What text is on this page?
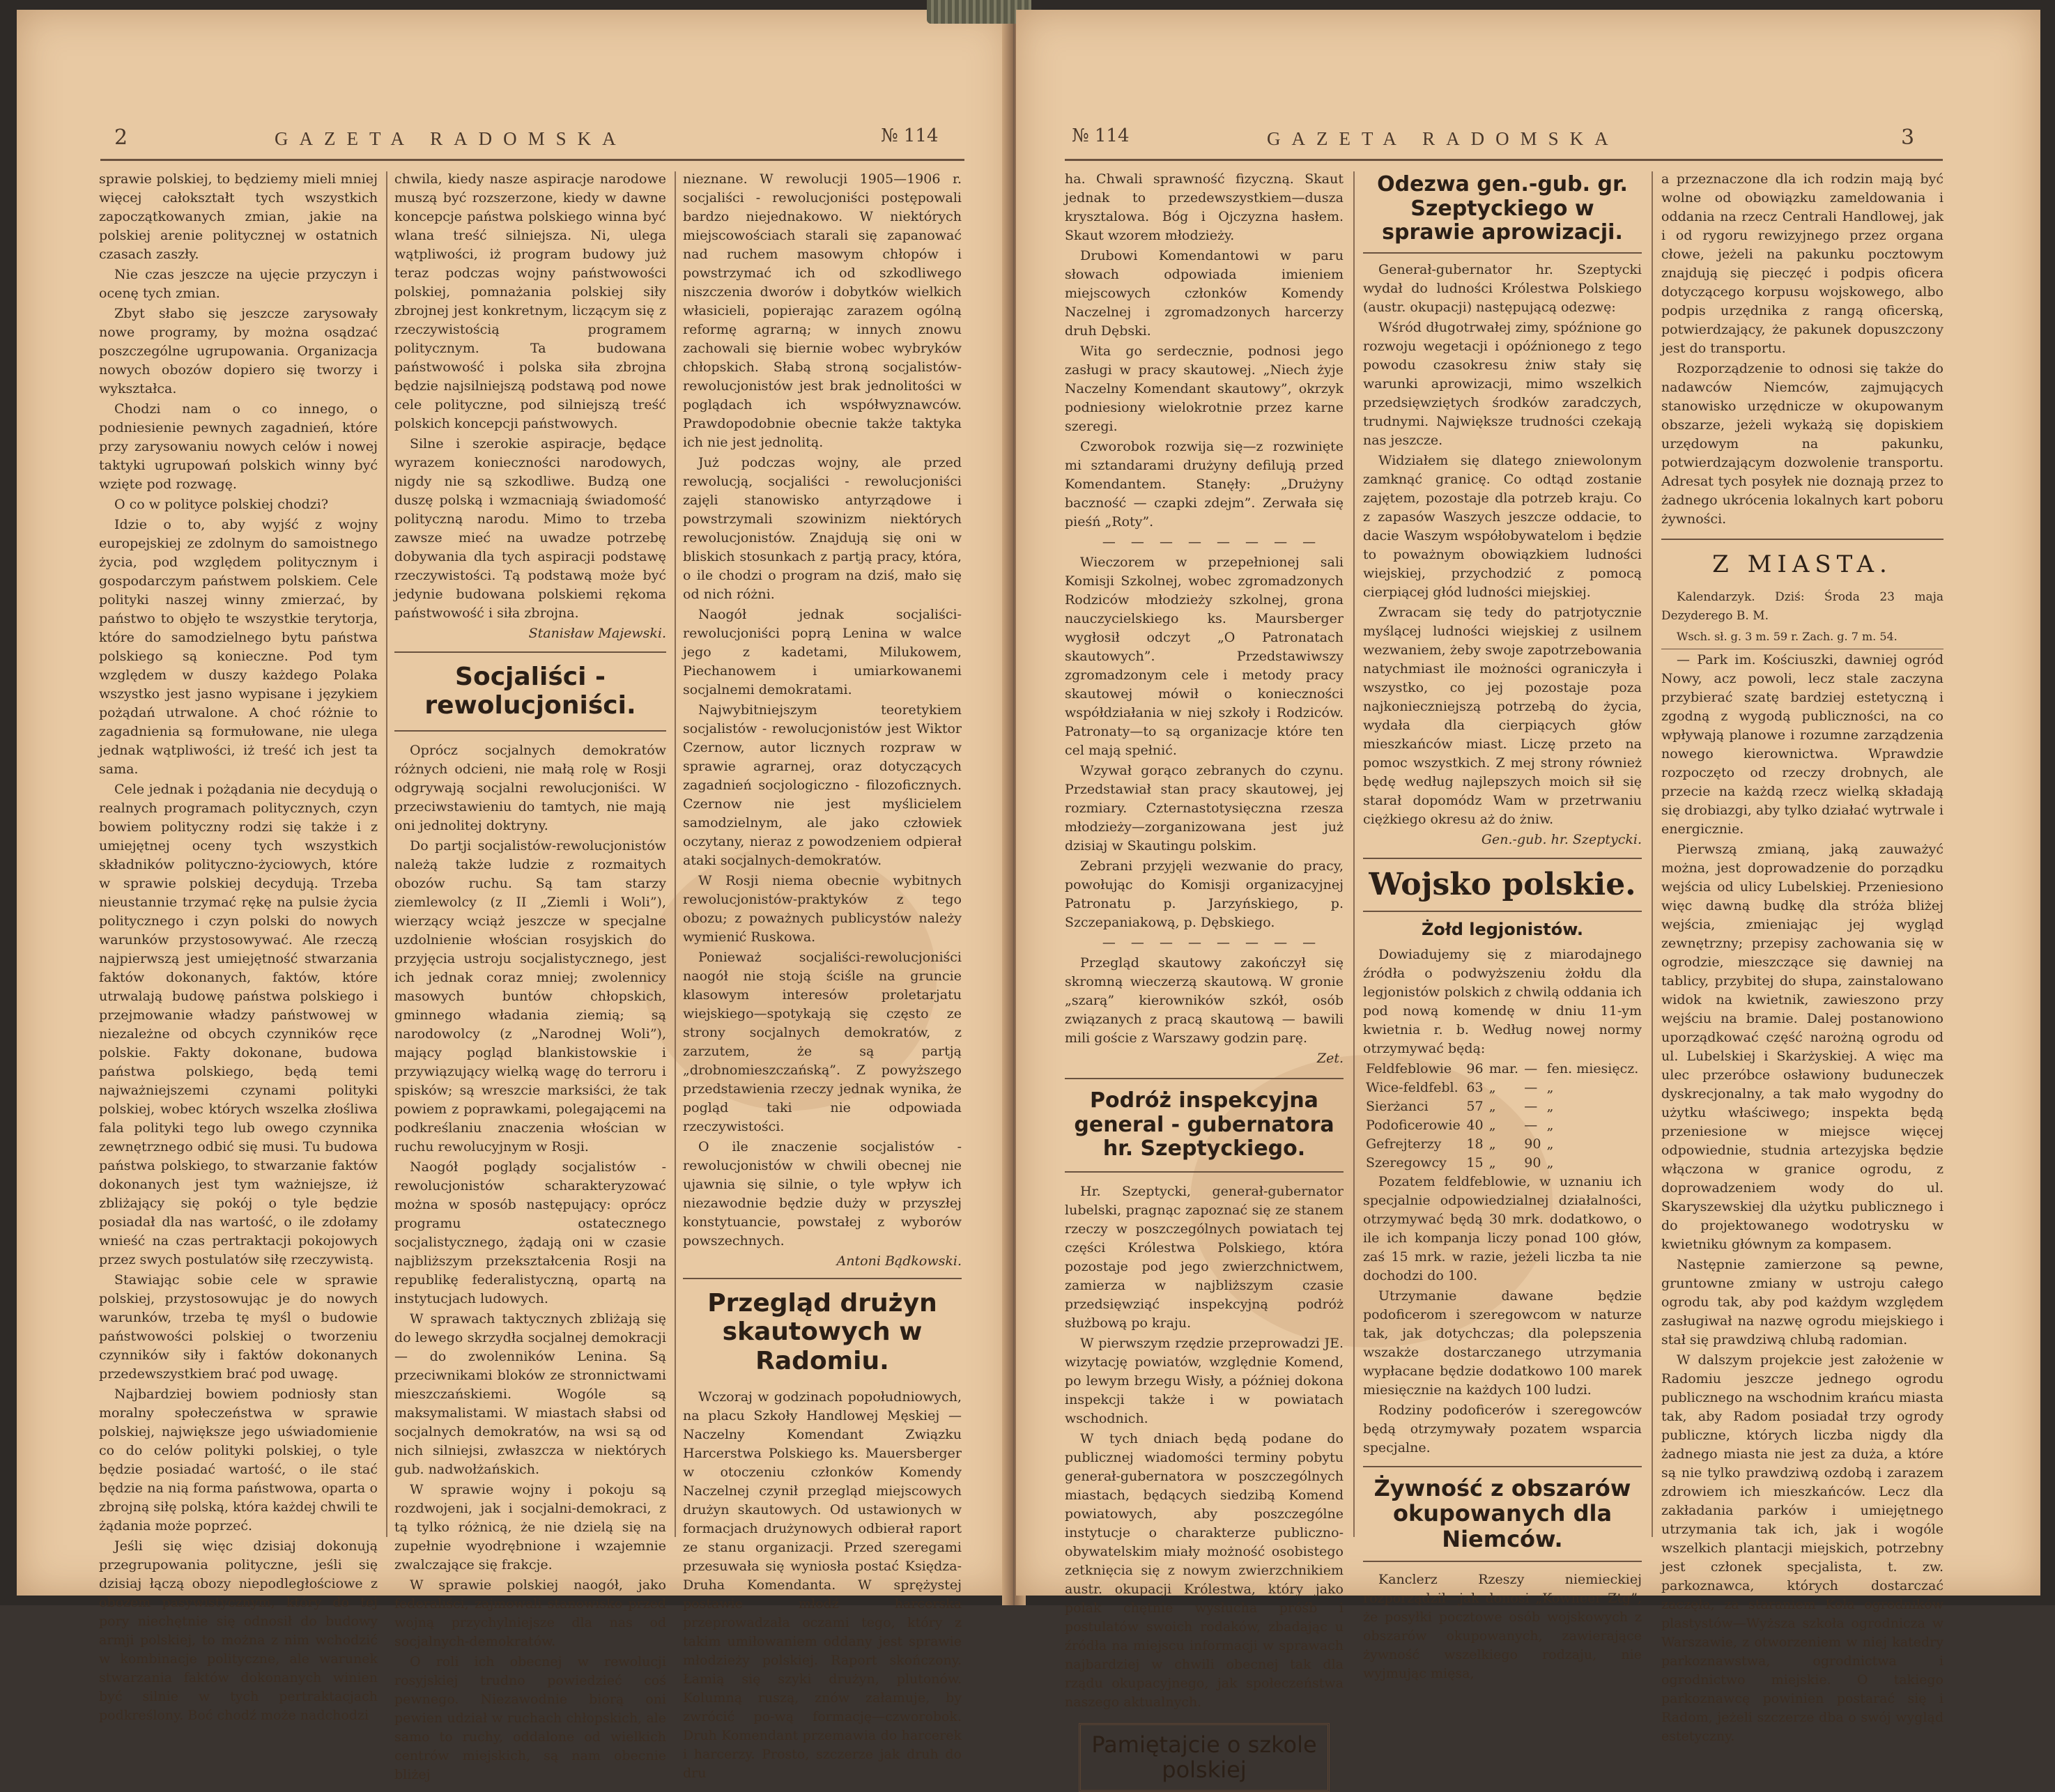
2	GAZETA RADOMSKA	№ 114

sprawie polskiej, to będziemy mieli mniej więcej całokształt tych wszystkich zapoczątkowanych zmian, jakie na polskiej arenie politycznej w ostatnich czasach zaszły.

Nie czas jeszcze na ujęcie przyczyn i ocenę tych zmian.

Zbyt słabo się jeszcze zarysowały nowe programy, by można osądzać poszczególne ugrupowania. Organizacja nowych obozów dopiero się tworzy i wykształca.

Chodzi nam o co innego, o podniesienie pewnych zagadnień, które przy zarysowaniu nowych celów i nowej taktyki ugrupowań polskich winny być wzięte pod rozwagę.

O co w polityce polskiej chodzi?

Idzie o to, aby wyjść z wojny europejskiej ze zdolnym do samoistnego życia, pod względem politycznym i gospodarczym państwem polskiem. Cele polityki naszej winny zmierzać, by państwo to objęło te wszystkie terytorja, które do samodzielnego bytu państwa polskiego są konieczne. Pod tym względem w duszy każdego Polaka wszystko jest jasno wypisane i językiem pożądań utrwalone. A choć różnie to zagadnienia są formułowane, nie ulega jednak wątpliwości, iż treść ich jest ta sama.

Cele jednak i pożądania nie decydują o realnych programach politycznych, czyn bowiem polityczny rodzi się także i z umiejętnej oceny tych wszystkich składników polityczno-życiowych, które w sprawie polskiej decydują. Trzeba nieustannie trzymać rękę na pulsie życia politycznego i czyn polski do nowych warunków przystosowywać. Ale rzeczą najpierwszą jest umiejętność stwarzania faktów dokonanych, faktów, które utrwalają budowę państwa polskiego i przejmowanie władzy państwowej w niezależne od obcych czynników ręce polskie. Fakty dokonane, budowa państwa polskiego, będą temi najważniejszemi czynami polityki polskiej, wobec których wszelka złośliwa fala polityki tego lub owego czynnika zewnętrznego odbić się musi. Tu budowa państwa polskiego, to stwarzanie faktów dokonanych jest tym ważniejsze, iż zbliżający się pokój o tyle będzie posiadał dla nas wartość, o ile zdołamy wnieść na czas pertraktacji pokojowych przez swych postulatów siłę rzeczywistą.

Stawiając sobie cele w sprawie polskiej, przystosowując je do nowych warunków, trzeba tę myśl o budowie państwowości polskiej o tworzeniu czynników siły i faktów dokonanych przedewszystkiem brać pod uwagę.

Najbardziej bowiem podniosły stan moralny społeczeństwa w sprawie polskiej, największe jego uświadomienie co do celów polityki polskiej, o tyle będzie posiadać wartość, o ile stać będzie na nią forma państwowa, oparta o zbrojną siłę polską, która każdej chwili te żądania może poprzeć.

Jeśli się więc dzisiaj dokonują przegrupowania polityczne, jeśli się dzisiaj łączą obozy niepodległościowe z obozem pasywistycznym, który do tej pory niechętnie się odnosił do budowy armji polskiej, to można z nim wchodzić w kombinacje polityczne, ale warunek stwarzania faktów dokonanych winien być silnie w tych pertraktacjach podkreślony. Boć chodź może nadchodzi

chwila, kiedy nasze aspiracje narodowe muszą być rozszerzone, kiedy w dawne koncepcje państwa polskiego winna być wlana treść silniejsza. Ni, ulega wątpliwości, iż program budowy już teraz podczas wojny państwowości polskiej, pomnażania polskiej siły zbrojnej jest konkretnym, liczącym się z rzeczywistością programem politycznym. Ta budowana państwowość i polska siła zbrojna będzie najsilniejszą podstawą pod nowe cele polityczne, pod silniejszą treść polskich koncepcji państwowych.

Silne i szerokie aspiracje, będące wyrazem konieczności narodowych, nigdy nie są szkodliwe. Budzą one duszę polską i wzmacniają świadomość polityczną narodu. Mimo to trzeba zawsze mieć na uwadze potrzebę dobywania dla tych aspiracji podstawę rzeczywistości. Tą podstawą może być jedynie budowana polskiemi rękoma państwowość i siła zbrojna.

Stanisław Majewski.

Socjaliści - rewolucjoniści.

Oprócz socjalnych demokratów różnych odcieni, nie małą rolę w Rosji odgrywają socjalni rewolucjoniści. W przeciwstawieniu do tamtych, nie mają oni jednolitej doktryny.

Do partji socjalistów-rewolucjonistów należą także ludzie z rozmaitych obozów ruchu. Są tam starzy ziemlewolcy (z II „Ziemli i Woli”), wierzący wciąż jeszcze w specjalne uzdolnienie włościan rosyjskich do przyjęcia ustroju socjalistycznego, jest ich jednak coraz mniej; zwolennicy masowych buntów chłopskich, gminnego władania ziemią; są narodowolcy (z „Narodnej Woli”), mający pogląd blankistowskie i przywiązujący wielką wagę do terroru i spisków; są wreszcie marksiści, że tak powiem z poprawkami, polegającemi na podkreślaniu znaczenia włościan w ruchu rewolucyjnym w Rosji.

Naogół poglądy socjalistów - rewolucjonistów scharakteryzować można w sposób następujący: oprócz programu ostatecznego socjalistycznego, żądają oni w czasie najbliższym przekształcenia Rosji na republikę federalistyczną, opartą na instytucjach ludowych.

W sprawach taktycznych zbliżają się do lewego skrzydła socjalnej demokracji — do zwolenników Lenina. Są przeciwnikami bloków ze stronnictwami mieszczańskiemi. Wogóle są maksymalistami. W miastach słabsi od socjalnych demokratów, na wsi są od nich silniejsi, zwłaszcza w niektórych gub. nadwołżańskich.

W sprawie wojny i pokoju są rozdwojeni, jak i socjalni-demokraci, z tą tylko różnicą, że nie dzielą się na zupełnie wyodrębnione i wzajemnie zwalczające się frakcje.

W sprawie polskiej naogół, jako federaliści, zajmowali stanowisko przed wojną przychylniejsze dla nas od socjalnych-demokratów.

O roli ich obecnej w rewolucji rosyjskiej trudno powiedzieć coś pewnego. Niezawodnie biorą oni pewien udział w ruchach chłopskich, ale samo to ruchy, oddalone od wielkich centrów miejskich, są nam obecnie bliżej

nieznane. W rewolucji 1905—1906 r. socjaliści - rewolucjoniści postępowali bardzo niejednakowo. W niektórych miejscowościach starali się zapanować nad ruchem masowym chłopów i powstrzymać ich od szkodliwego niszczenia dworów i dobytków wielkich własicieli, popierając zarazem ogólną reformę agrarną; w innych znowu zachowali się biernie wobec wybryków chłopskich. Słabą stroną socjalistów-rewolucjonistów jest brak jednolitości w poglądach ich współwyznawców. Prawdopodobnie obecnie także taktyka ich nie jest jednolitą.

Już podczas wojny, ale przed rewolucją, socjaliści - rewolucjoniści zajęli stanowisko antyrządowe i powstrzymali szowinizm niektórych rewolucjonistów. Znajdują się oni w bliskich stosunkach z partją pracy, która, o ile chodzi o program na dziś, mało się od nich różni.

Naogół jednak socjaliści-rewolucjoniści poprą Lenina w walce jego z kadetami, Milukowem, Piechanowem i umiarkowanemi socjalnemi demokratami.

Najwybitniejszym teoretykiem socjalistów - rewolucjonistów jest Wiktor Czernow, autor licznych rozpraw w sprawie agrarnej, oraz dotyczących zagadnień socjologiczno - filozoficznych. Czernow nie jest myślicielem samodzielnym, ale jako człowiek oczytany, nieraz z powodzeniem odpierał ataki socjalnych-demokratów.

W Rosji niema obecnie wybitnych rewolucjonistów-praktyków z tego obozu; z poważnych publicystów należy wymienić Ruskowa.

Ponieważ socjaliści-rewolucjoniści naogół nie stoją ściśle na gruncie klasowym interesów proletarjatu wiejskiego—spotykają się często ze strony socjalnych demokratów, z zarzutem, że są partją „drobnomieszczańską”. Z powyższego przedstawienia rzeczy jednak wynika, że pogląd taki nie odpowiada rzeczywistości.

O ile znaczenie socjalistów - rewolucjonistów w chwili obecnej nie ujawnia się silnie, o tyle wpływ ich niezawodnie będzie duży w przyszłej konstytuancie, powstałej z wyborów powszechnych.

Antoni Bądkowski.

Przegląd drużyn skautowych w Radomiu.

Wczoraj w godzinach popołudniowych, na placu Szkoły Handlowej Męskiej — Naczelny Komendant Związku Harcerstwa Polskiego ks. Mauersberger w otoczeniu członków Komendy Naczelnej czynił przegląd miejscowych drużyn skautowych. Od ustawionych w formacjach drużynowych odbierał raport ze stanu organizacji. Przed szeregami przesuwała się wyniosła postać Księdza-Druha Komendanta. W sprężystej postawie młodź harcerska przeprowadzała oczami tego, który z takim umiłowaniem oddany jest sprawie młodzieży polskiej. Raport skończony. Łamią się szyki drużyn, plutonów. Kolumną ruszą, znów załamuje, by zwrócić po-wą formację—czworobok. Druh Komendant przemawia do harcerek i harcerzy. Prosto, szczerze jak druh do dru

№ 114	GAZETA RADOMSKA	3

ha. Chwali sprawność fizyczną. Skaut jednak to przedewszystkiem—dusza krysztalowa. Bóg i Ojczyzna hasłem. Skaut wzorem młodzieży.

Drubowi Komendantowi w paru słowach odpowiada imieniem miejscowych członków Komendy Naczelnej i zgromadzonych harcerzy druh Dębski.

Wita go serdecznie, podnosi jego zasługi w pracy skautowej. „Niech żyje Naczelny Komendant skautowy”, okrzyk podniesiony wielokrotnie przez karne szeregi.

Czworobok rozwija się—z rozwinięte mi sztandarami drużyny defilują przed Komendantem. Stanęły: „Drużyny baczność — czapki zdejm”. Zerwała się pieśń „Roty”.

— — — — — — — —

Wieczorem w przepełnionej sali Komisji Szkolnej, wobec zgromadzonych Rodziców młodzieży szkolnej, grona nauczycielskiego ks. Maursberger wygłosił odczyt „O Patronatach skautowych”. Przedstawiwszy zgromadzonym cele i metody pracy skautowej mówił o konieczności współdziałania w niej szkoły i Rodziców. Patronaty—to są organizacje które ten cel mają spełnić.

Wzywał gorąco zebranych do czynu. Przedstawiał stan pracy skautowej, jej rozmiary. Czternastotysięczna rzesza młodzieży—zorganizowana jest już dzisiaj w Skautingu polskim.

Zebrani przyjęli wezwanie do pracy, powołując do Komisji organizacyjnej Patronatu p. Jarzyńskiego, p. Szczepaniakową, p. Dębskiego.

— — — — — — — —

Przegląd skautowy zakończył się skromną wieczerzą skautową. W gronie „szarą” kierowników szkół, osób związanych z pracą skautową — bawili mili goście z Warszawy godzin parę.

Zet.

Podróż inspekcyjna general - gubernatora hr. Szeptyckiego.

Hr. Szeptycki, generał-gubernator lubelski, pragnąc zapoznać się ze stanem rzeczy w poszczególnych powiatach tej części Królestwa Polskiego, która pozostaje pod jego zwierzchnictwem, zamierza w najbliższym czasie przedsięwziąć inspekcyjną podróż służbową po kraju.

W pierwszym rzędzie przeprowadzi JE. wizytację powiatów, względnie Komend, po lewym brzegu Wisły, a później dokona inspekcji także i w powiatach wschodnich.

W tych dniach będą podane do publicznej wiadomości terminy pobytu generał-gubernatora w poszczególnych miastach, będących siedzibą Komend powiatowych, aby poszczególne instytucje o charakterze publiczno-obywatelskim miały możność osobistego zetknięcia się z nowym zwierzchnikiem austr. okupacji Królestwa, który jako polak chętnie wysłucha próśb i postulatów swoich rodaków, zbadając u źródła na miejscu informacji w sprawach najbardziej w chwili obecnej tak dla rządu okupacyjnego, jak społeczeństwa naszego aktualnych.

Pamiętajcie o szkole polskiej
Odezwa gen.-gub. gr. Szeptyckiego w sprawie aprowizacji.

Generał-gubernator hr. Szeptycki wydał do ludności Królestwa Polskiego (austr. okupacji) następującą odezwę:

Wśród długotrwałej zimy, spóźnione go rozwoju wegetacji i opóźnionego z tego powodu czasokresu żniw stały się warunki aprowizacji, mimo wszelkich przedsięwziętych środków zaradczych, trudnymi. Największe trudności czekają nas jeszcze.

Widziałem się dlatego zniewolonym zamknąć granicę. Co odtąd zostanie zajętem, pozostaje dla potrzeb kraju. Co z zapasów Waszych jeszcze oddacie, to dacie Waszym współobywatelom i będzie to poważnym obowiązkiem ludności wiejskiej, przychodzić z pomocą cierpiącej głód ludności miejskiej.

Zwracam się tedy do patrjotycznie myślącej ludności wiejskiej z usilnem wezwaniem, żeby swoje zapotrzebowania natychmiast ile możności ograniczyła i wszystko, co jej pozostaje poza najkonieczniejszą potrzebą do życia, wydała dla cierpiących głów mieszkańców miast. Liczę przeto na pomoc wszystkich. Z mej strony również będę według najlepszych moich sił się starał dopomódz Wam w przetrwaniu ciężkiego okresu aż do żniw.

Gen.-gub. hr. Szeptycki.

Wojsko polskie.
Żołd legjonistów.

Dowiadujemy się z miarodajnego źródła o podwyższeniu żołdu dla legjonistów polskich z chwilą oddania ich pod nową komendę w dniu 11-ym kwietnia r. b. Według nowej normy otrzymywać będą:

Feldfeblowie	96	mar.	—	fen. miesięcz.
Wice-feldfebl.	63	„	—	„
Sierżanci	57	„	—	„
Podoficerowie	40	„	—	„
Gefrejterzy	18	„	90	„
Szeregowcy	15	„	90	„

Pozatem feldfeblowie, w uznaniu ich specjalnie odpowiedzialnej działalności, otrzymywać będą 30 mrk. dodatkowo, o ile ich kompanja liczy ponad 100 głów, zaś 15 mrk. w razie, jeżeli liczba ta nie dochodzi do 100.

Utrzymanie dawane będzie podoficerom i szeregowcom w naturze tak, jak dotychczas; dla polepszenia wszakże dostarczanego utrzymania wypłacane będzie dodatkowo 100 marek miesięcznie na każdych 100 ludzi.

Rodziny podoficerów i szeregowców będą otrzymywały pozatem wsparcia specjalne.

Żywność z obszarów okupowanych dla Niemców.

Kanclerz Rzeszy niemieckiej rozporządził—jak donosi „Kowneer Ztg”, że posyłki pocztowe osób wojskowych z obszarów okupowanych, zawierające żywność wszelkiego rodzaju, nie wyjmując mięsa,

a przeznaczone dla ich rodzin mają być wolne od obowiązku zameldowania i oddania na rzecz Centrali Handlowej, jak i od rygoru rewizyjnego przez organa cłowe, jeżeli na pakunku pocztowym znajdują się pieczęć i podpis oficera dotyczącego korpusu wojskowego, albo podpis urzędnika z rangą oficerską, potwierdzający, że pakunek dopuszczony jest do transportu.

Rozporządzenie to odnosi się także do nadawców Niemców, zajmujących stanowisko urzędnicze w okupowanym obszarze, jeżeli wykażą się dopiskiem urzędowym na pakunku, potwierdzającym dozwolenie transportu. Adresat tych posyłek nie doznają przez to żadnego ukrócenia lokalnych kart poboru żywności.

Z MIASTA.

Kalendarzyk. Dziś: Środa 23 maja Dezyderego B. M.

Wsch. sł. g. 3 m. 59 r. Zach. g. 7 m. 54.

— Park im. Kościuszki, dawniej ogród Nowy, acz powoli, lecz stale zaczyna przybierać szatę bardziej estetyczną i zgodną z wygodą publiczności, na co wpływają planowe i rozumne zarządzenia nowego kierownictwa. Wprawdzie rozpoczęto od rzeczy drobnych, ale przecie na każdą rzecz wielką składają się drobiazgi, aby tylko działać wytrwale i energicznie.

Pierwszą zmianą, jaką zauważyć można, jest doprowadzenie do porządku wejścia od ulicy Lubelskiej. Przeniesiono więc dawną budkę dla stróża bliżej wejścia, zmieniając jej wygląd zewnętrzny; przepisy zachowania się w ogrodzie, mieszczące się dawniej na tablicy, przybitej do słupa, zainstalowano widok na kwietnik, zawieszono przy wejściu na bramie. Dalej postanowiono uporządkować część narożną ogrodu od ul. Lubelskiej i Skarżyskiej. A więc ma ulec przeróbce osławiony buduneczek dyskrecjonalny, a tak mało wygodny do użytku właściwego; inspekta będą przeniesione w miejsce więcej odpowiednie, studnia artezyjska będzie włączona w granice ogrodu, z doprowadzeniem wody do ul. Skaryszewskiej dla użytku publicznego i do projektowanego wodotrysku w kwietniku głównym za kompasem.

Następnie zamierzone są pewne, gruntowne zmiany w ustroju całego ogrodu tak, aby pod każdym względem zasługiwał na nazwę ogrodu miejskiego i stał się prawdziwą chlubą radomian.

W dalszym projekcie jest założenie w Radomiu jeszcze jednego ogrodu publicznego na wschodnim krańcu miasta tak, aby Radom posiadał trzy ogrody publiczne, których liczba nigdy dla żadnego miasta nie jest za duża, a które są nie tylko prawdziwą ozdobą i zarazem zdrowiem ich mieszkańców. Lecz dla zakładania parków i umiejętnego utrzymania tak ich, jak i wogóle wszelkich plantacji miejskich, potrzebny jest członek specjalista, t. zw. parkoznawca, których dostarczać zaczęła, za staraniem Koła ogrodników plastystów—Wyższa szkoła ogrodnicza w Warszawie, z otworzeniem w niej katedry parkoznawstwa, ogrodnictwa i ogrodnictwo miejskie. O takiego parkoznawcę powinien postarać się i Radom, jeżeli szczerze dba o swój wygląd estetyczny.
